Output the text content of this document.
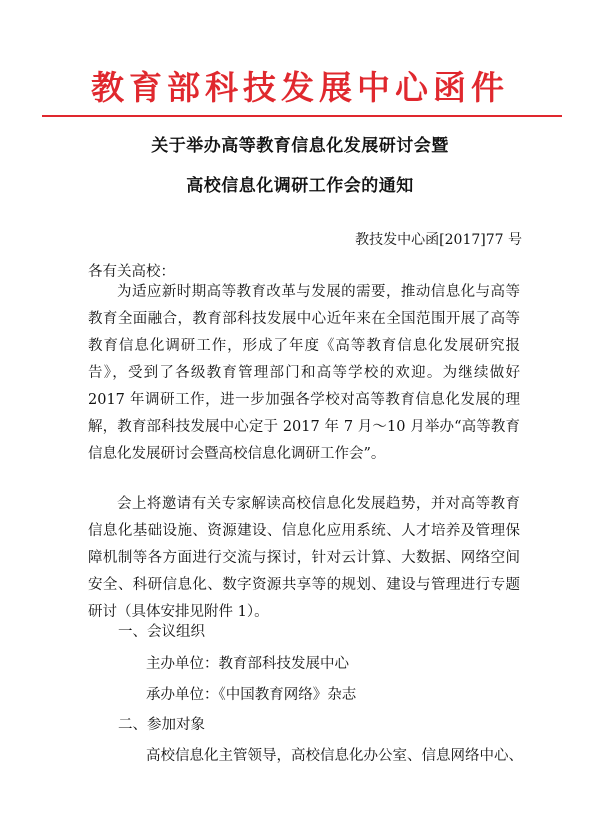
教育部科技发展中心函件
关于举办高等教育信息化发展研讨会暨
高校信息化调研工作会的通知
教技发中心函[2017]77 号
各有关高校：

为适应新时期高等教育改革与发展的需要，推动信息化与高等教育全面融合，教育部科技发展中心近年来在全国范围开展了高等教育信息化调研工作，形成了年度《高等教育信息化发展研究报告》，受到了各级教育管理部门和高等学校的欢迎。为继续做好 2017 年调研工作，进一步加强各学校对高等教育信息化发展的理解，教育部科技发展中心定于 2017 年 7 月～10 月举办“高等教育信息化发展研讨会暨高校信息化调研工作会”。

会上将邀请有关专家解读高校信息化发展趋势，并对高等教育信息化基础设施、资源建设、信息化应用系统、人才培养及管理保障机制等各方面进行交流与探讨，针对云计算、大数据、网络空间安全、科研信息化、数字资源共享等的规划、建设与管理进行专题研讨（具体安排见附件 1）。

一、会议组织
主办单位：教育部科技发展中心
承办单位：《中国教育网络》杂志
二、参加对象
高校信息化主管领导，高校信息化办公室、信息网络中心、
